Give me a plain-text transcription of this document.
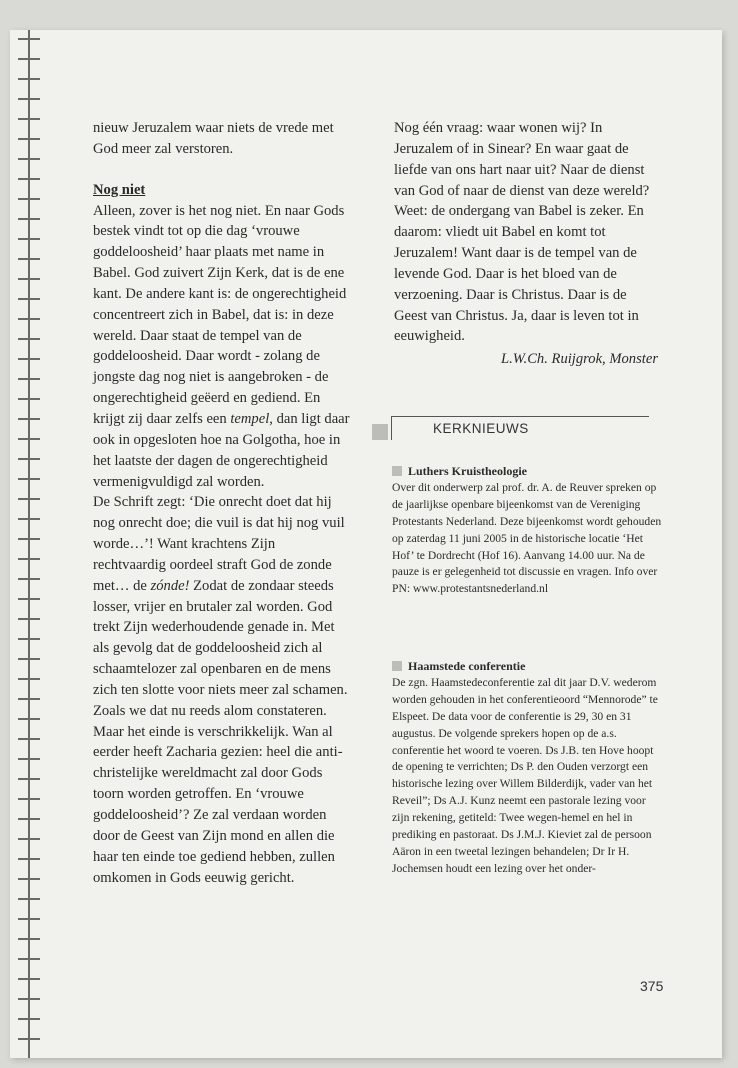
nieuw Jeruzalem waar niets de vrede met God meer zal verstoren.

Nog niet

Alleen, zover is het nog niet. En naar Gods bestek vindt tot op die dag ‘vrouwe goddeloosheid’ haar plaats met name in Babel. God zuivert Zijn Kerk, dat is de ene kant. De andere kant is: de ongerechtigheid concentreert zich in Babel, dat is: in deze wereld. Daar staat de tempel van de goddeloosheid. Daar wordt - zolang de jongste dag nog niet is aangebroken - de ongerechtigheid geëerd en gediend. En krijgt zij daar zelfs een tempel, dan ligt daar ook in opgesloten hoe na Golgotha, hoe in het laatste der dagen de ongerechtigheid vermenigvuldigd zal worden.

De Schrift zegt: ‘Die onrecht doet dat hij nog onrecht doe; die vuil is dat hij nog vuil worde…’! Want krachtens Zijn rechtvaardig oordeel straft God de zonde met… de zónde! Zodat de zondaar steeds losser, vrijer en brutaler zal worden. God trekt Zijn wederhoudende genade in. Met als gevolg dat de goddeloosheid zich al schaamtelozer zal openbaren en de mens zich ten slotte voor niets meer zal schamen. Zoals we dat nu reeds alom constateren. Maar het einde is verschrikkelijk. Wan al eerder heeft Zacharia gezien: heel die anti-christelijke wereldmacht zal door Gods toorn worden getroffen. En ‘vrouwe goddeloosheid’? Ze zal verdaan worden door de Geest van Zijn mond en allen die haar ten einde toe gediend hebben, zullen omkomen in Gods eeuwig gericht.

Nog één vraag: waar wonen wij? In Jeruzalem of in Sinear? En waar gaat de liefde van ons hart naar uit? Naar de dienst van God of naar de dienst van deze wereld? Weet: de ondergang van Babel is zeker. En daarom: vliedt uit Babel en komt tot Jeruzalem! Want daar is de tempel van de levende God. Daar is het bloed van de verzoening. Daar is Christus. Daar is de Geest van Christus. Ja, daar is leven tot in eeuwigheid.

L.W.Ch. Ruijgrok, Monster

KERKNIEUWS
Luthers Kruistheologie

Over dit onderwerp zal prof. dr. A. de Reuver spreken op de jaarlijkse openbare bijeenkomst van de Vereniging Protestants Nederland. Deze bijeenkomst wordt gehouden op zaterdag 11 juni 2005 in de historische locatie ‘Het Hof’ te Dordrecht (Hof 16). Aanvang 14.00 uur. Na de pauze is er gelegenheid tot discussie en vragen. Info over PN: www.protestantsnederland.nl

Haamstede conferentie

De zgn. Haamstedeconferentie zal dit jaar D.V. wederom worden gehouden in het conferentieoord “Mennorode” te Elspeet. De data voor de conferentie is 29, 30 en 31 augustus. De volgende sprekers hopen op de a.s. conferentie het woord te voeren. Ds J.B. ten Hove hoopt de opening te verrichten; Ds P. den Ouden verzorgt een historische lezing over Willem Bilderdijk, vader van het Reveil”; Ds A.J. Kunz neemt een pastorale lezing voor zijn rekening, getiteld: Twee wegen-hemel en hel in prediking en pastoraat. Ds J.M.J. Kieviet zal de persoon Aäron in een tweetal lezingen behandelen; Dr Ir H. Jochemsen houdt een lezing over het onder-

375
